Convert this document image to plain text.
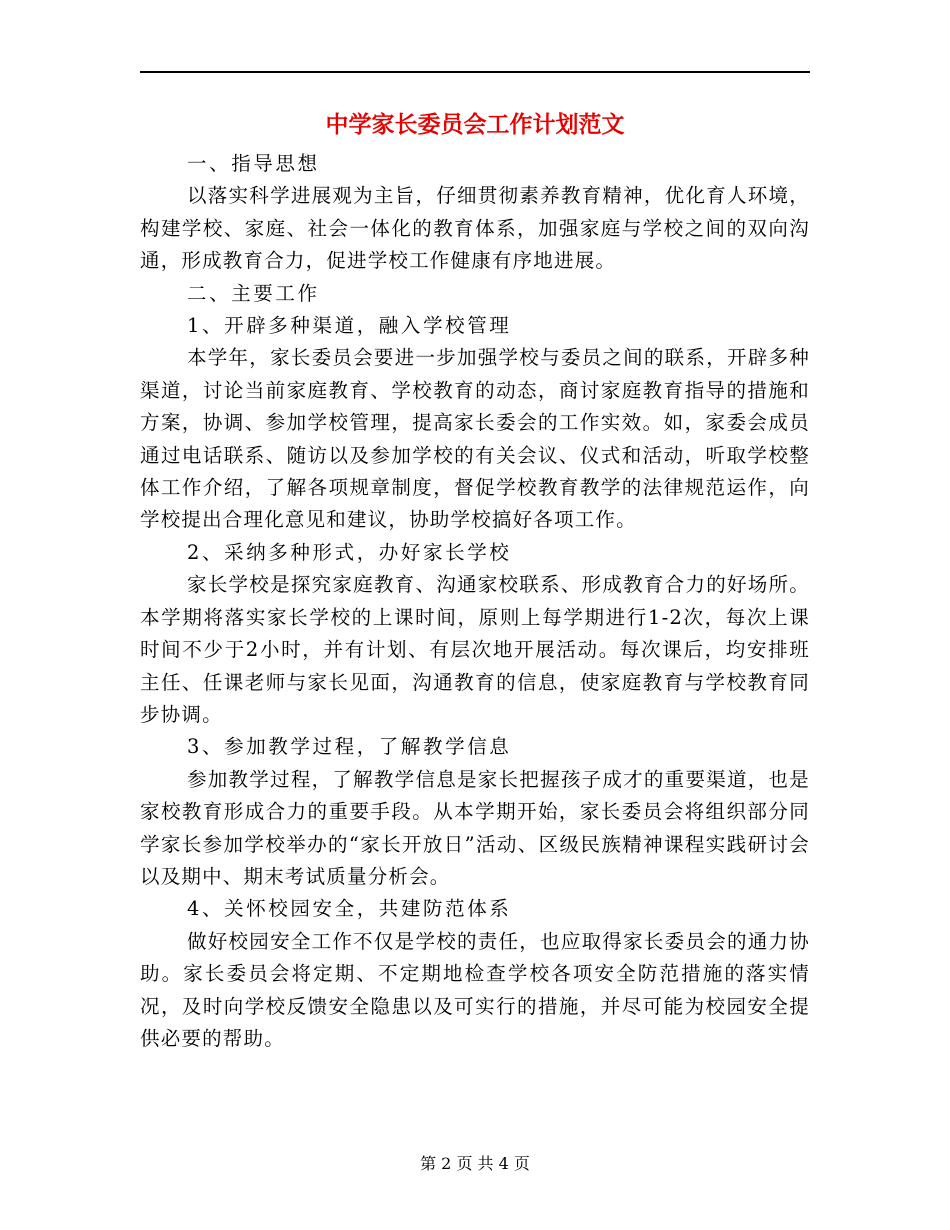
中学家长委员会工作计划范文

一、指导思想

以落实科学进展观为主旨，仔细贯彻素养教育精神，优化育人环境，构建学校、家庭、社会一体化的教育体系，加强家庭与学校之间的双向沟通，形成教育合力，促进学校工作健康有序地进展。

二、主要工作

1、开辟多种渠道，融入学校管理

本学年，家长委员会要进一步加强学校与委员之间的联系，开辟多种渠道，讨论当前家庭教育、学校教育的动态，商讨家庭教育指导的措施和方案，协调、参加学校管理，提高家长委会的工作实效。如，家委会成员通过电话联系、随访以及参加学校的有关会议、仪式和活动，听取学校整体工作介绍，了解各项规章制度，督促学校教育教学的法律规范运作，向学校提出合理化意见和建议，协助学校搞好各项工作。

2、采纳多种形式，办好家长学校

家长学校是探究家庭教育、沟通家校联系、形成教育合力的好场所。本学期将落实家长学校的上课时间，原则上每学期进行1-2次，每次上课时间不少于2小时，并有计划、有层次地开展活动。每次课后，均安排班主任、任课老师与家长见面，沟通教育的信息，使家庭教育与学校教育同步协调。

3、参加教学过程，了解教学信息

参加教学过程，了解教学信息是家长把握孩子成才的重要渠道，也是家校教育形成合力的重要手段。从本学期开始，家长委员会将组织部分同学家长参加学校举办的“家长开放日”活动、区级民族精神课程实践研讨会以及期中、期末考试质量分析会。

4、关怀校园安全，共建防范体系

做好校园安全工作不仅是学校的责任，也应取得家长委员会的通力协助。家长委员会将定期、不定期地检查学校各项安全防范措施的落实情况，及时向学校反馈安全隐患以及可实行的措施，并尽可能为校园安全提供必要的帮助。

第 2 页 共 4 页
